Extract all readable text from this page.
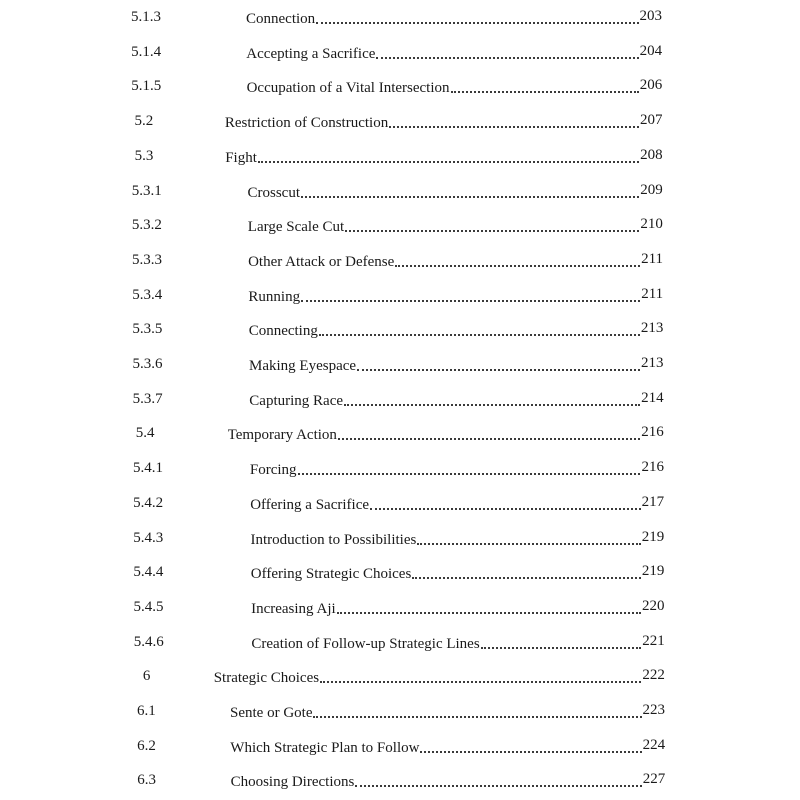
5.1.3	Connection	203
5.1.4	Accepting a Sacrifice	204
5.1.5	Occupation of a Vital Intersection	206
5.2	Restriction of Construction	207
5.3	Fight	208
5.3.1	Crosscut	209
5.3.2	Large Scale Cut	210
5.3.3	Other Attack or Defense	211
5.3.4	Running	211
5.3.5	Connecting	213
5.3.6	Making Eyespace	213
5.3.7	Capturing Race	214
5.4	Temporary Action	216
5.4.1	Forcing	216
5.4.2	Offering a Sacrifice	217
5.4.3	Introduction to Possibilities	219
5.4.4	Offering Strategic Choices	219
5.4.5	Increasing Aji	220
5.4.6	Creation of Follow-up Strategic Lines	221
6	Strategic Choices	222
6.1	Sente or Gote	223
6.2	Which Strategic Plan to Follow	224
6.3	Choosing Directions	227
